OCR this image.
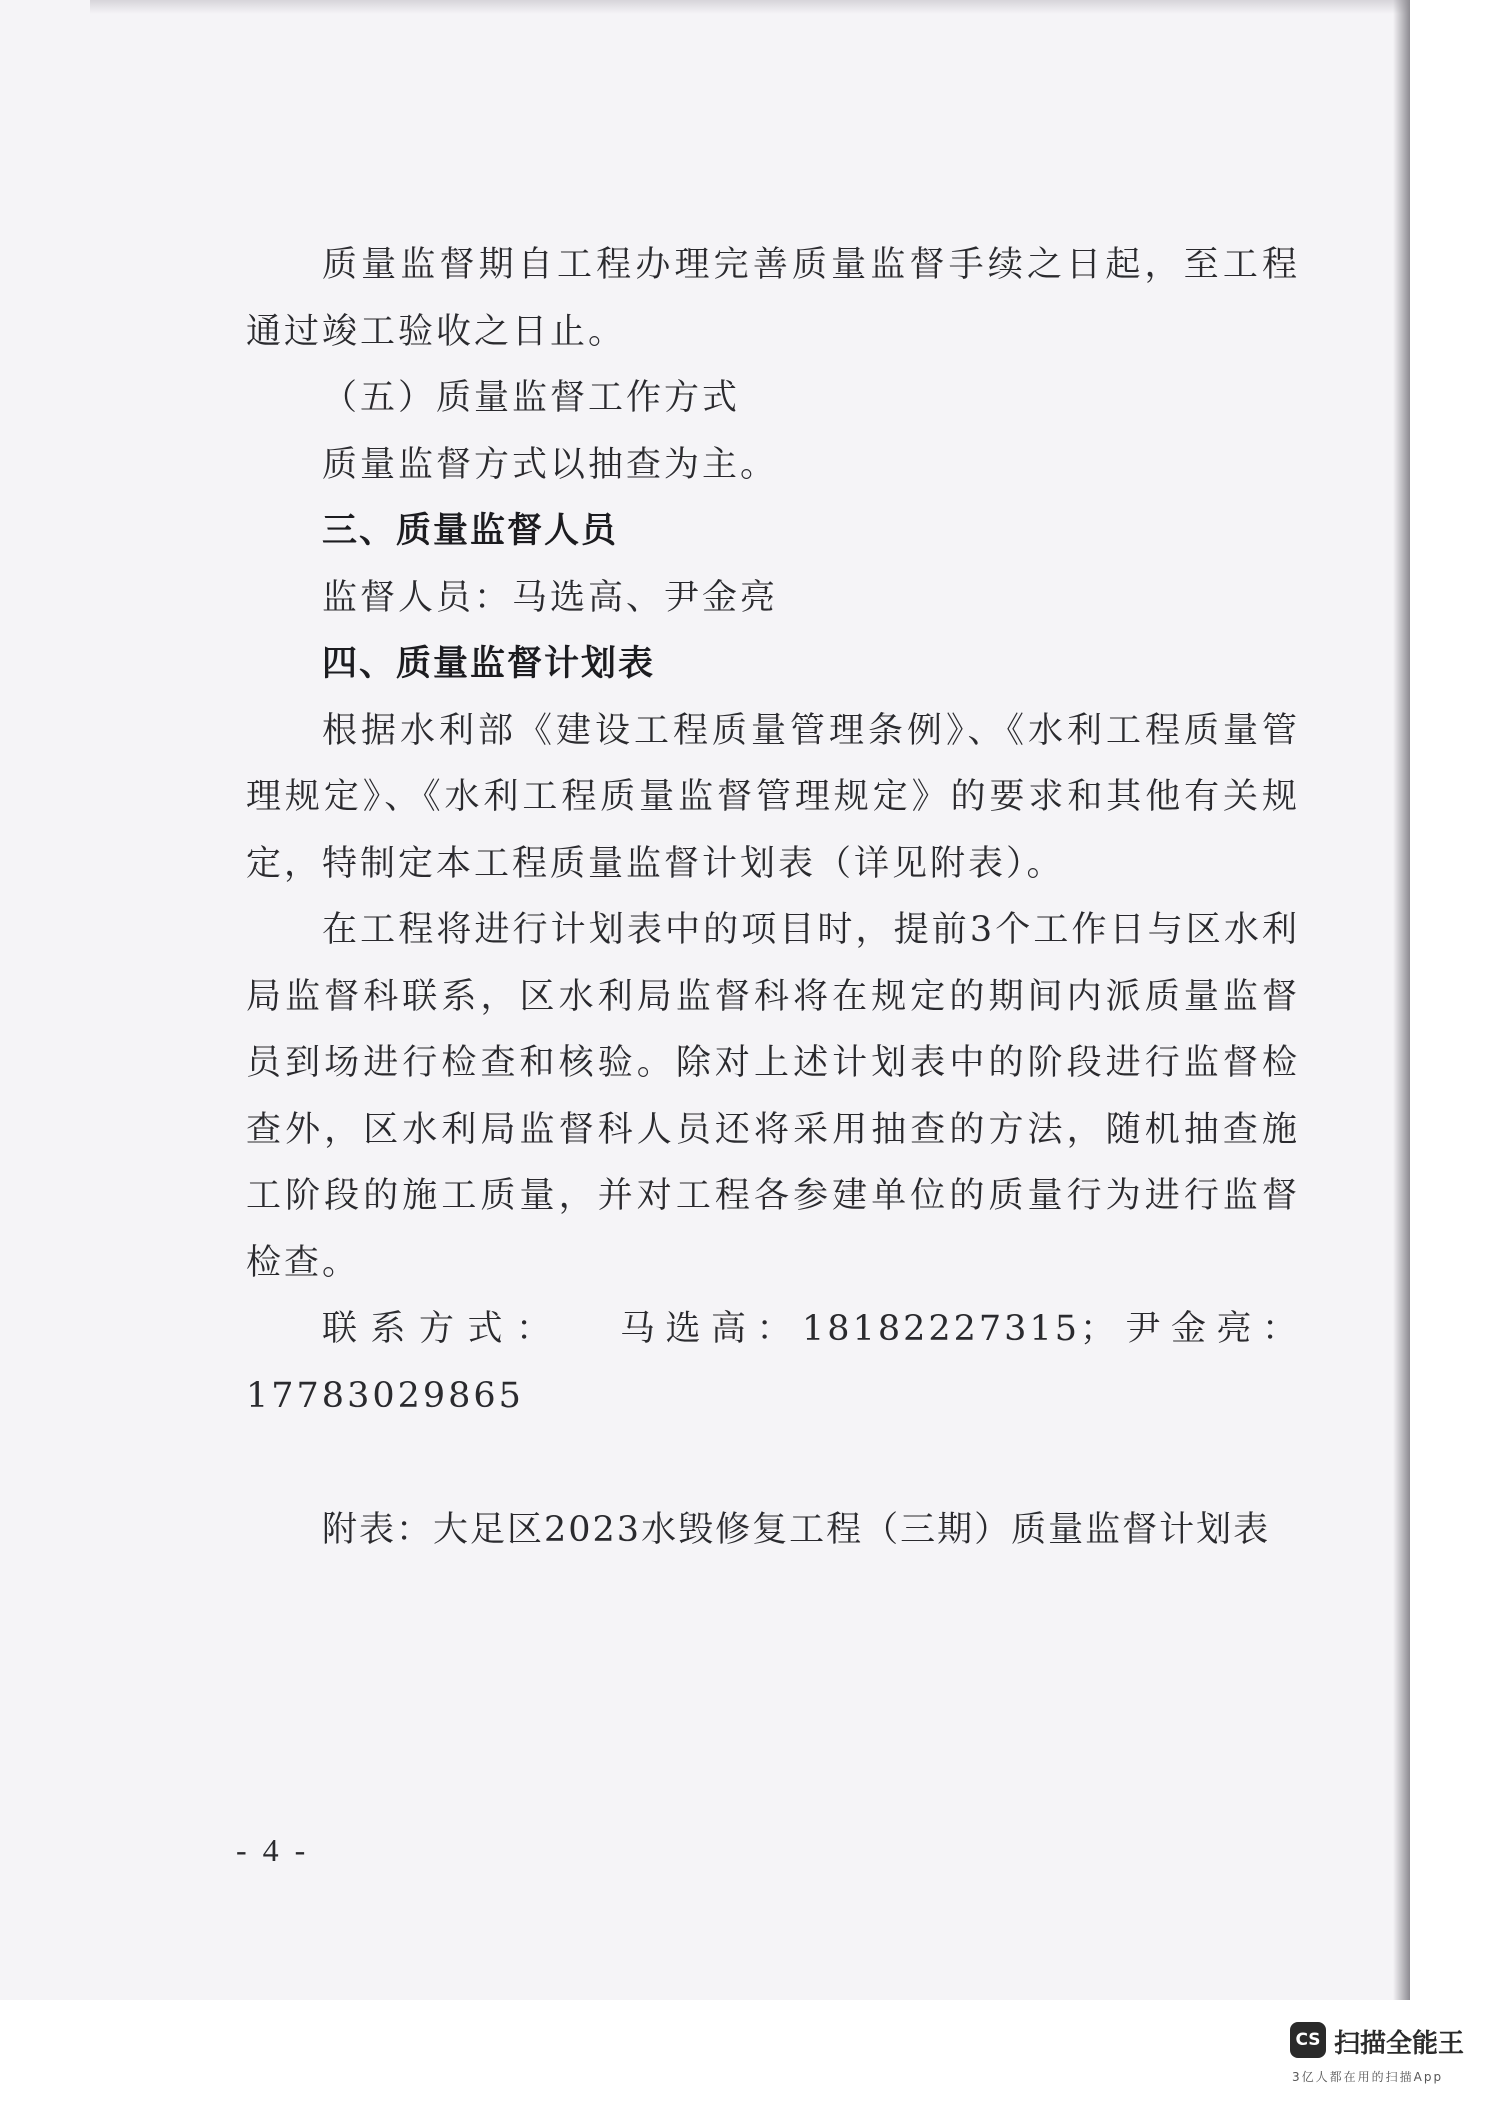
质量监督期自工程办理完善质量监督手续之日起，至工程通过竣工验收之日止。

（五）质量监督工作方式

质量监督方式以抽查为主。

三、质量监督人员

监督人员：马选高、尹金亮

四、质量监督计划表

根据水利部《建设工程质量管理条例》、《水利工程质量管理规定》、《水利工程质量监督管理规定》的要求和其他有关规定，特制定本工程质量监督计划表（详见附表）。

在工程将进行计划表中的项目时，提前3个工作日与区水利局监督科联系，区水利局监督科将在规定的期间内派质量监督员到场进行检查和核验。除对上述计划表中的阶段进行监督检查外，区水利局监督科人员还将采用抽查的方法，随机抽查施工阶段的施工质量，并对工程各参建单位的质量行为进行监督检查。

联系方式： 马选高：18182227315；尹金亮：17783029865

附表：大足区2023水毁修复工程（三期）质量监督计划表

- 4 -
CS 扫描全能王
3亿人都在用的扫描App
